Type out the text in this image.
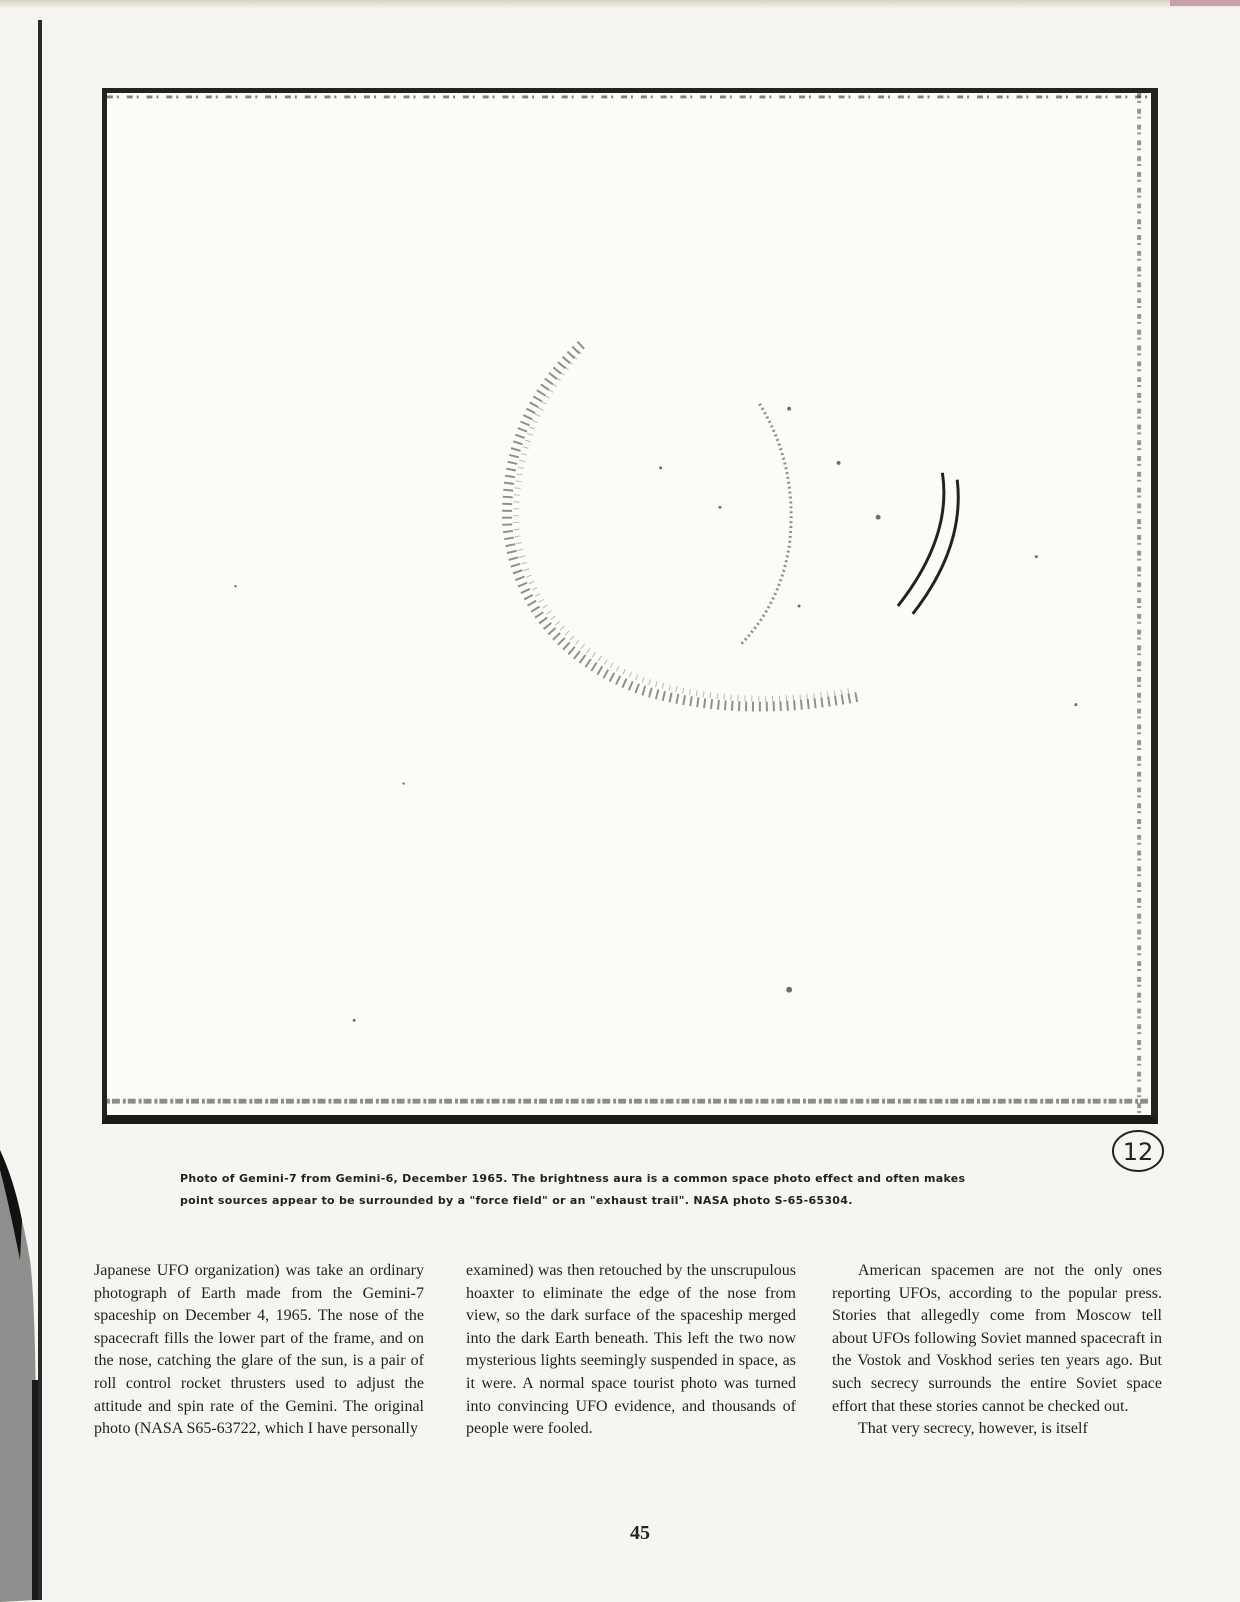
12
Photo of Gemini-7 from Gemini-6, December 1965. The brightness aura is a common space photo effect and often makes
point sources appear to be surrounded by a "force field" or an "exhaust trail". NASA photo S-65-65304.

Japanese UFO organization) was take an ordinary photograph of Earth made from the Gemini-7 spaceship on December 4, 1965. The nose of the spacecraft fills the lower part of the frame, and on the nose, catching the glare of the sun, is a pair of roll control rocket thrusters used to adjust the attitude and spin rate of the Gemini. The original photo (NASA S65-63722, which I have personally

examined) was then retouched by the unscrupulous hoaxter to eliminate the edge of the nose from view, so the dark surface of the spaceship merged into the dark Earth beneath. This left the two now mysterious lights seemingly suspended in space, as it were. A normal space tourist photo was turned into convincing UFO evidence, and thousands of people were fooled.

American spacemen are not the only ones reporting UFOs, according to the popular press. Stories that allegedly come from Moscow tell about UFOs following Soviet manned spacecraft in the Vostok and Voskhod series ten years ago. But such secrecy surrounds the entire Soviet space effort that these stories cannot be checked out.

That very secrecy, however, is itself

45
